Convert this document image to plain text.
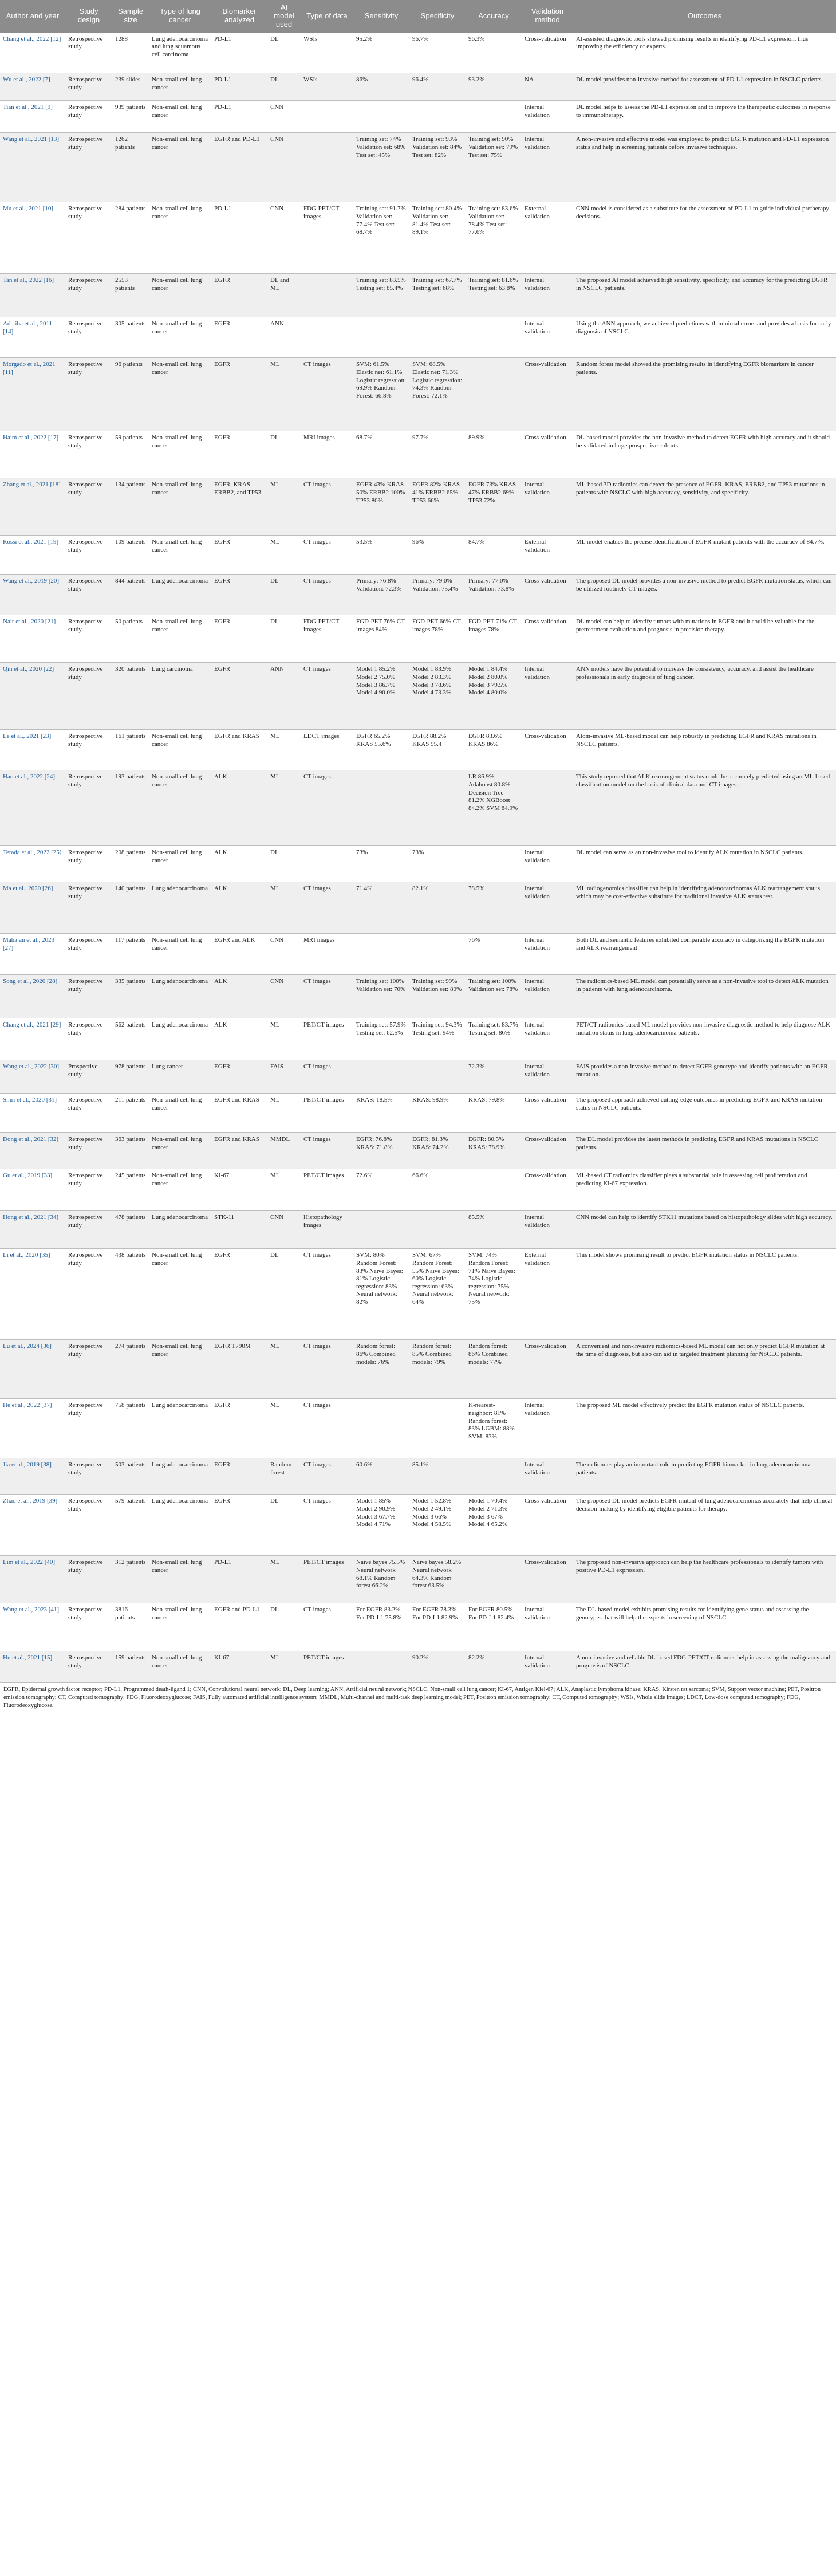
Author and year	Study design	Sample size	Type of lung cancer	Biomarker analyzed	AI model used	Type of data	Sensitivity	Specificity	Accuracy	Validation method	Outcomes
Chang et al., 2022 [12]	Retrospective study	1288	Lung adenocarcinoma and lung squamous cell carcinoma	PD-L1	DL	WSIs	95.2%	96.7%	96.3%	Cross-validation	AI-assisted diagnostic tools showed promising results in identifying PD-L1 expression, thus improving the efficiency of experts.
Wu et al., 2022 [7]	Retrospective study	239 slides	Non-small cell lung cancer	PD-L1	DL	WSIs	86%	96.4%	93.2%	NA	DL model provides non-invasive method for assessment of PD-L1 expression in NSCLC patients.
Tian et al., 2021 [9]	Retrospective study	939 patients	Non-small cell lung cancer	PD-L1	CNN					Internal validation	DL model helps to assess the PD-L1 expression and to improve the therapeutic outcomes in response to immunotherapy.
Wang et al., 2021 [13]	Retrospective study	1262 patients	Non-small cell lung cancer	EGFR and PD-L1	CNN		Training set: 74% Validation set: 68% Test set: 45%	Training set: 93% Validation set: 84% Test set: 82%	Training set: 90% Validation set: 79% Test set: 75%	Internal validation	A non-invasive and effective model was employed to predict EGFR mutation and PD-L1 expression status and help in screening patients before invasive techniques.
Mu et al., 2021 [10]	Retrospective study	284 patients	Non-small cell lung cancer	PD-L1	CNN	FDG-PET/CT images	Training set: 91.7% Validation set: 77.4% Test set: 68.7%	Training set: 80.4% Validation set: 81.4% Test set: 89.1%	Training set: 83.6% Validation set: 78.4% Test set: 77.6%	External validation	CNN model is considered as a substitute for the assessment of PD-L1 to guide individual pretherapy decisions.
Tan et al., 2022 [16]	Retrospective study	2553 patients	Non-small cell lung cancer	EGFR	DL and ML		Training set: 83.5% Testing set: 85.4%	Training set: 67.7% Testing set: 68%	Training set: 81.6% Testing set: 63.8%	Internal validation	The proposed AI model achieved high sensitivity, specificity, and accuracy for the predicting EGFR in NSCLC patients.
Adetiba et al., 2011 [14]	Retrospective study	305 patients	Non-small cell lung cancer	EGFR	ANN					Internal validation	Using the ANN approach, we achieved predictions with minimal errors and provides a basis for early diagnosis of NSCLC.
Morgado et al., 2021 [11]	Retrospective study	96 patients	Non-small cell lung cancer	EGFR	ML	CT images	SVM: 61.5% Elastic net: 61.1% Logistic regression: 69.9% Random Forest: 66.8%	SVM: 68.5% Elastic net: 71.3% Logistic regression: 74.3% Random Forest: 72.1%		Cross-validation	Random forest model showed the promising results in identifying EGFR biomarkers in cancer patients.
Haim et al., 2022 [17]	Retrospective study	59 patients	Non-small cell lung cancer	EGFR	DL	MRI images	68.7%	97.7%	89.9%	Cross-validation	DL-based model provides the non-invasive method to detect EGFR with high accuracy and it should be validated in large prospective cohorts.
Zhang et al., 2021 [18]	Retrospective study	134 patients	Non-small cell lung cancer	EGFR, KRAS, ERBB2, and TP53	ML	CT images	EGFR 43% KRAS 50% ERBB2 100% TP53 80%	EGFR 82% KRAS 41% ERBB2 65% TP53 66%	EGFR 73% KRAS 47% ERBB2 69% TP53 72%	Internal validation	ML-based 3D radiomics can detect the presence of EGFR, KRAS, ERBB2, and TP53 mutations in patients with NSCLC with high accuracy, sensitivity, and specificity.
Rossi et al., 2021 [19]	Retrospective study	109 patients	Non-small cell lung cancer	EGFR	ML	CT images	53.5%	96%	84.7%	External validation	ML model enables the precise identification of EGFR-mutant patients with the accuracy of 84.7%.
Wang et al., 2019 [20]	Retrospective study	844 patients	Lung adenocarcinoma	EGFR	DL	CT images	Primary: 76.8% Validation: 72.3%	Primary: 79.0% Validation: 75.4%	Primary: 77.0% Validation: 73.8%	Cross-validation	The proposed DL model provides a non-invasive method to predict EGFR mutation status, which can be utilized routinely CT images.
Nair et al., 2020 [21]	Retrospective study	50 patients	Non-small cell lung cancer	EGFR	DL	FDG-PET/CT images	FGD-PET 76% CT images 84%	FGD-PET 66% CT images 78%	FGD-PET 71% CT images 78%	Cross-validation	DL model can help to identify tumors with mutations in EGFR and it could be valuable for the pretreatment evaluation and prognosis in precision therapy.
Qin et al., 2020 [22]	Retrospective study	320 patients	Lung carcinoma	EGFR	ANN	CT images	Model 1 85.2% Model 2 75.0% Model 3 86.7% Model 4 90.0%	Model 1 83.9% Model 2 83.3% Model 3 78.6% Model 4 73.3%	Model 1 84.4% Model 2 80.0% Model 3 79.5% Model 4 80.0%	Internal validation	ANN models have the potential to increase the consistency, accuracy, and assist the healthcare professionals in early diagnosis of lung cancer.
Le et al., 2021 [23]	Retrospective study	161 patients	Non-small cell lung cancer	EGFR and KRAS	ML	LDCT images	EGFR 65.2% KRAS 55.6%	EGFR 88.2% KRAS 95.4	EGFR 83.6% KRAS 86%	Cross-validation	Atom-invasive ML-based model can help robustly in predicting EGFR and KRAS mutations in NSCLC patients.
Hao et al., 2022 [24]	Retrospective study	193 patients	Non-small cell lung cancer	ALK	ML	CT images			LR 86.9% Adaboost 80.8% Decision Tree 81.2% XGBoost 84.2% SVM 84.9%		This study reported that ALK rearrangement status could be accurately predicted using an ML-based classification model on the basis of clinical data and CT images.
Terada et al., 2022 [25]	Retrospective study	208 patients	Non-small cell lung cancer	ALK	DL		73%	73%		Internal validation	DL model can serve as an non-invasive tool to identify ALK mutation in NSCLC patients.
Ma et al., 2020 [26]	Retrospective study	140 patients	Lung adenocarcinoma	ALK	ML	CT images	71.4%	82.1%	78.5%	Internal validation	ML radiogenomics classifier can help in identifying adenocarcinomas ALK rearrangement status, which may be cost-effective substitute for traditional invasive ALK status test.
Mahajan et al., 2023 [27]	Retrospective study	117 patients	Non-small cell lung cancer	EGFR and ALK	CNN	MRI images			76%	Internal validation	Both DL and semantic features exhibited comparable accuracy in categorizing the EGFR mutation and ALK rearrangement
Song et al., 2020 [28]	Retrospective study	335 patients	Lung adenocarcinoma	ALK	CNN	CT images	Training set: 100% Validation set: 70%	Training set: 99% Validation set: 80%	Training set: 100% Validation set: 78%	Internal validation	The radiomics-based ML model can potentially serve as a non-invasive tool to detect ALK mutation in patients with lung adenocarcinoma.
Chang et al., 2021 [29]	Retrospective study	562 patients	Lung adenocarcinoma	ALK	ML	PET/CT images	Training set: 57.9% Testing set: 62.5%	Training set: 94.3% Testing set: 94%	Training set: 83.7% Testing set: 86%	Internal validation	PET/CT radiomics-based ML model provides non-invasive diagnostic method to help diagnose ALK mutation status in lung adenocarcinoma patients.
Wang et al., 2022 [30]	Prospective study	978 patients	Lung cancer	EGFR	FAIS	CT images			72.3%	Internal validation	FAIS provides a non-invasive method to detect EGFR genotype and identify patients with an EGFR mutation.
Shiri et al., 2020 [31]	Retrospective study	211 patients	Non-small cell lung cancer	EGFR and KRAS	ML	PET/CT images	KRAS: 18.5%	KRAS: 98.9%	KRAS: 79.8%	Cross-validation	The proposed approach achieved cutting-edge outcomes in predicting EGFR and KRAS mutation status in NSCLC patients.
Dong et al., 2021 [32]	Retrospective study	363 patients	Non-small cell lung cancer	EGFR and KRAS	MMDL	CT images	EGFR: 76.8% KRAS: 71.8%	EGFR: 81.3% KRAS: 74.2%	EGFR: 80.5% KRAS: 78.9%	Cross-validation	The DL model provides the latest methods in predicting EGFR and KRAS mutations in NSCLC patients.
Gu et al., 2019 [33]	Retrospective study	245 patients	Non-small cell lung cancer	KI-67	ML	PET/CT images	72.6%	66.6%		Cross-validation	ML-based CT radiomics classifier plays a substantial role in assessing cell proliferation and predicting Ki-67 expression.
Hong et al., 2021 [34]	Retrospective study	478 patients	Lung adenocarcinoma	STK-11	CNN	Histopathology images			85.5%	Internal validation	CNN model can help to identify STK11 mutations based on histopathology slides with high accuracy.
Li et al., 2020 [35]	Retrospective study	438 patients	Non-small cell lung cancer	EGFR	DL	CT images	SVM: 80% Random Forest: 83% Naïve Bayes: 81% Logistic regression: 83% Neural network: 82%	SVM: 67% Random Forest: 55% Naïve Bayes: 60% Logistic regression: 63% Neural network: 64%	SVM: 74% Random Forest: 71% Naïve Bayes: 74% Logistic regression: 75% Neural network: 75%	External validation	This model shows promising result to predict EGFR mutation status in NSCLC patients.
Lu et al., 2024 [36]	Retrospective study	274 patients	Non-small cell lung cancer	EGFR T790M	ML	CT images	Random forest: 86% Combined models: 76%	Random forest: 85% Combined models: 79%	Random forest: 86% Combined models: 77%	Cross-validation	A convenient and non-invasive radiomics-based ML model can not only predict EGFR mutation at the time of diagnosis, but also can aid in targeted treatment planning for NSCLC patients.
He et al., 2022 [37]	Retrospective study	758 patients	Lung adenocarcinoma	EGFR	ML	CT images			K-nearest-neighbor: 81% Random forest: 83% LGBM: 88% SVM: 83%	Internal validation	The proposed ML model effectively predict the EGFR mutation status of NSCLC patients.
Jia et al., 2019 [38]	Retrospective study	503 patients	Lung adenocarcinoma	EGFR	Random forest	CT images	60.6%	85.1%		Internal validation	The radiomics play an important role in predicting EGFR biomarker in lung adenocarcinoma patients.
Zhao et al., 2019 [39]	Retrospective study	579 patients	Lung adenocarcinoma	EGFR	DL	CT images	Model 1 85% Model 2 90.9% Model 3 67.7% Model 4 71%	Model 1 52.8% Model 2 49.1% Model 3 66% Model 4 58.5%	Model 1 70.4% Model 2 71.3% Model 3 67% Model 4 65.2%	Cross-validation	The proposed DL model predicts EGFR-mutant of lung adenocarcinomas accurately that help clinical decision-making by identifying eligible patients for therapy.
Lim et al., 2022 [40]	Retrospective study	312 patients	Non-small cell lung cancer	PD-L1	ML	PET/CT images	Naive bayes 75.5% Neural network 68.1% Random forest 66.2%	Naive bayes 58.2% Neural network 64.3% Random forest 63.5%		Cross-validation	The proposed non-invasive approach can help the healthcare professionals to identify tumors with positive PD-L1 expression.
Wang et al., 2023 [41]	Retrospective study	3816 patients	Non-small cell lung cancer	EGFR and PD-L1	DL	CT images	For EGFR 83.2% For PD-L1 75.8%	For EGFR 78.3% For PD-L1 82.9%	For EGFR 80.5% For PD-L1 82.4%	Internal validation	The DL-based model exhibits promising results for identifying gene status and assessing the genotypes that will help the experts in screening of NSCLC.
Hu et al., 2021 [15]	Retrospective study	159 patients	Non-small cell lung cancer	KI-67	ML	PET/CT images		90.2%	82.2%	Internal validation	A non-invasive and reliable DL-based FDG-PET/CT radiomics help in assessing the malignancy and prognosis of NSCLC.
EGFR, Epidermal growth factor receptor; PD-L1, Programmed death-ligand 1; CNN, Convolutional neural network; DL, Deep learning; ANN, Artificial neural network; NSCLC, Non-small cell lung cancer; KI-67, Antigen Kiel-67; ALK, Anaplastic lymphoma kinase; KRAS, Kirsten rat sarcoma; SVM, Support vector machine; PET, Positron emission tomography; CT, Computed tomography; FDG, Fluorodeoxyglucose; FAIS, Fully automated artificial intelligence system; MMDL, Multi-channel and multi-task deep learning model; PET, Positron emission tomography; CT, Computed tomography; WSIs, Whole slide images; LDCT, Low-dose computed tomography; FDG, Fluorodeoxyglucose.
